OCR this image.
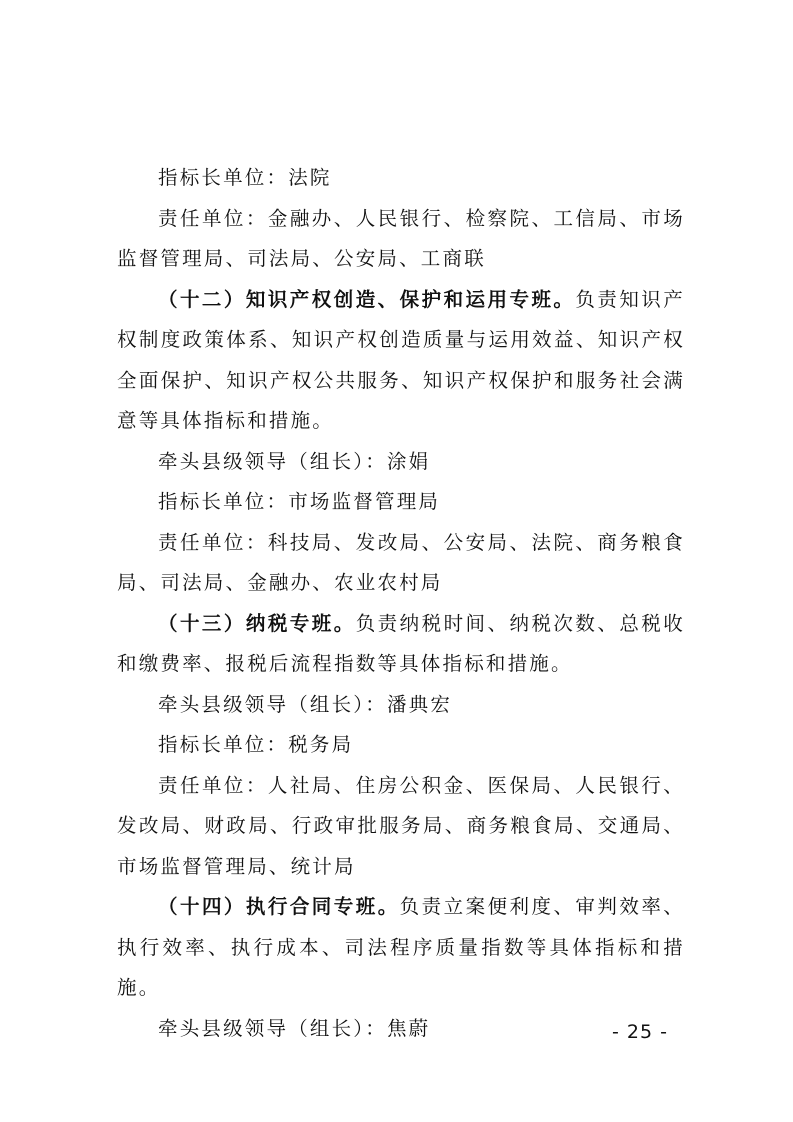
指标长单位：法院

责任单位：金融办、人民银行、检察院、工信局、市场监督管理局、司法局、公安局、工商联

（十二）知识产权创造、保护和运用专班。负责知识产权制度政策体系、知识产权创造质量与运用效益、知识产权全面保护、知识产权公共服务、知识产权保护和服务社会满意等具体指标和措施。

牵头县级领导（组长）：涂娟

指标长单位：市场监督管理局

责任单位：科技局、发改局、公安局、法院、商务粮食局、司法局、金融办、农业农村局

（十三）纳税专班。负责纳税时间、纳税次数、总税收和缴费率、报税后流程指数等具体指标和措施。

牵头县级领导（组长）：潘典宏

指标长单位：税务局

责任单位：人社局、住房公积金、医保局、人民银行、发改局、财政局、行政审批服务局、商务粮食局、交通局、市场监督管理局、统计局

（十四）执行合同专班。负责立案便利度、审判效率、执行效率、执行成本、司法程序质量指数等具体指标和措施。

牵头县级领导（组长）：焦蔚	- 25 -
